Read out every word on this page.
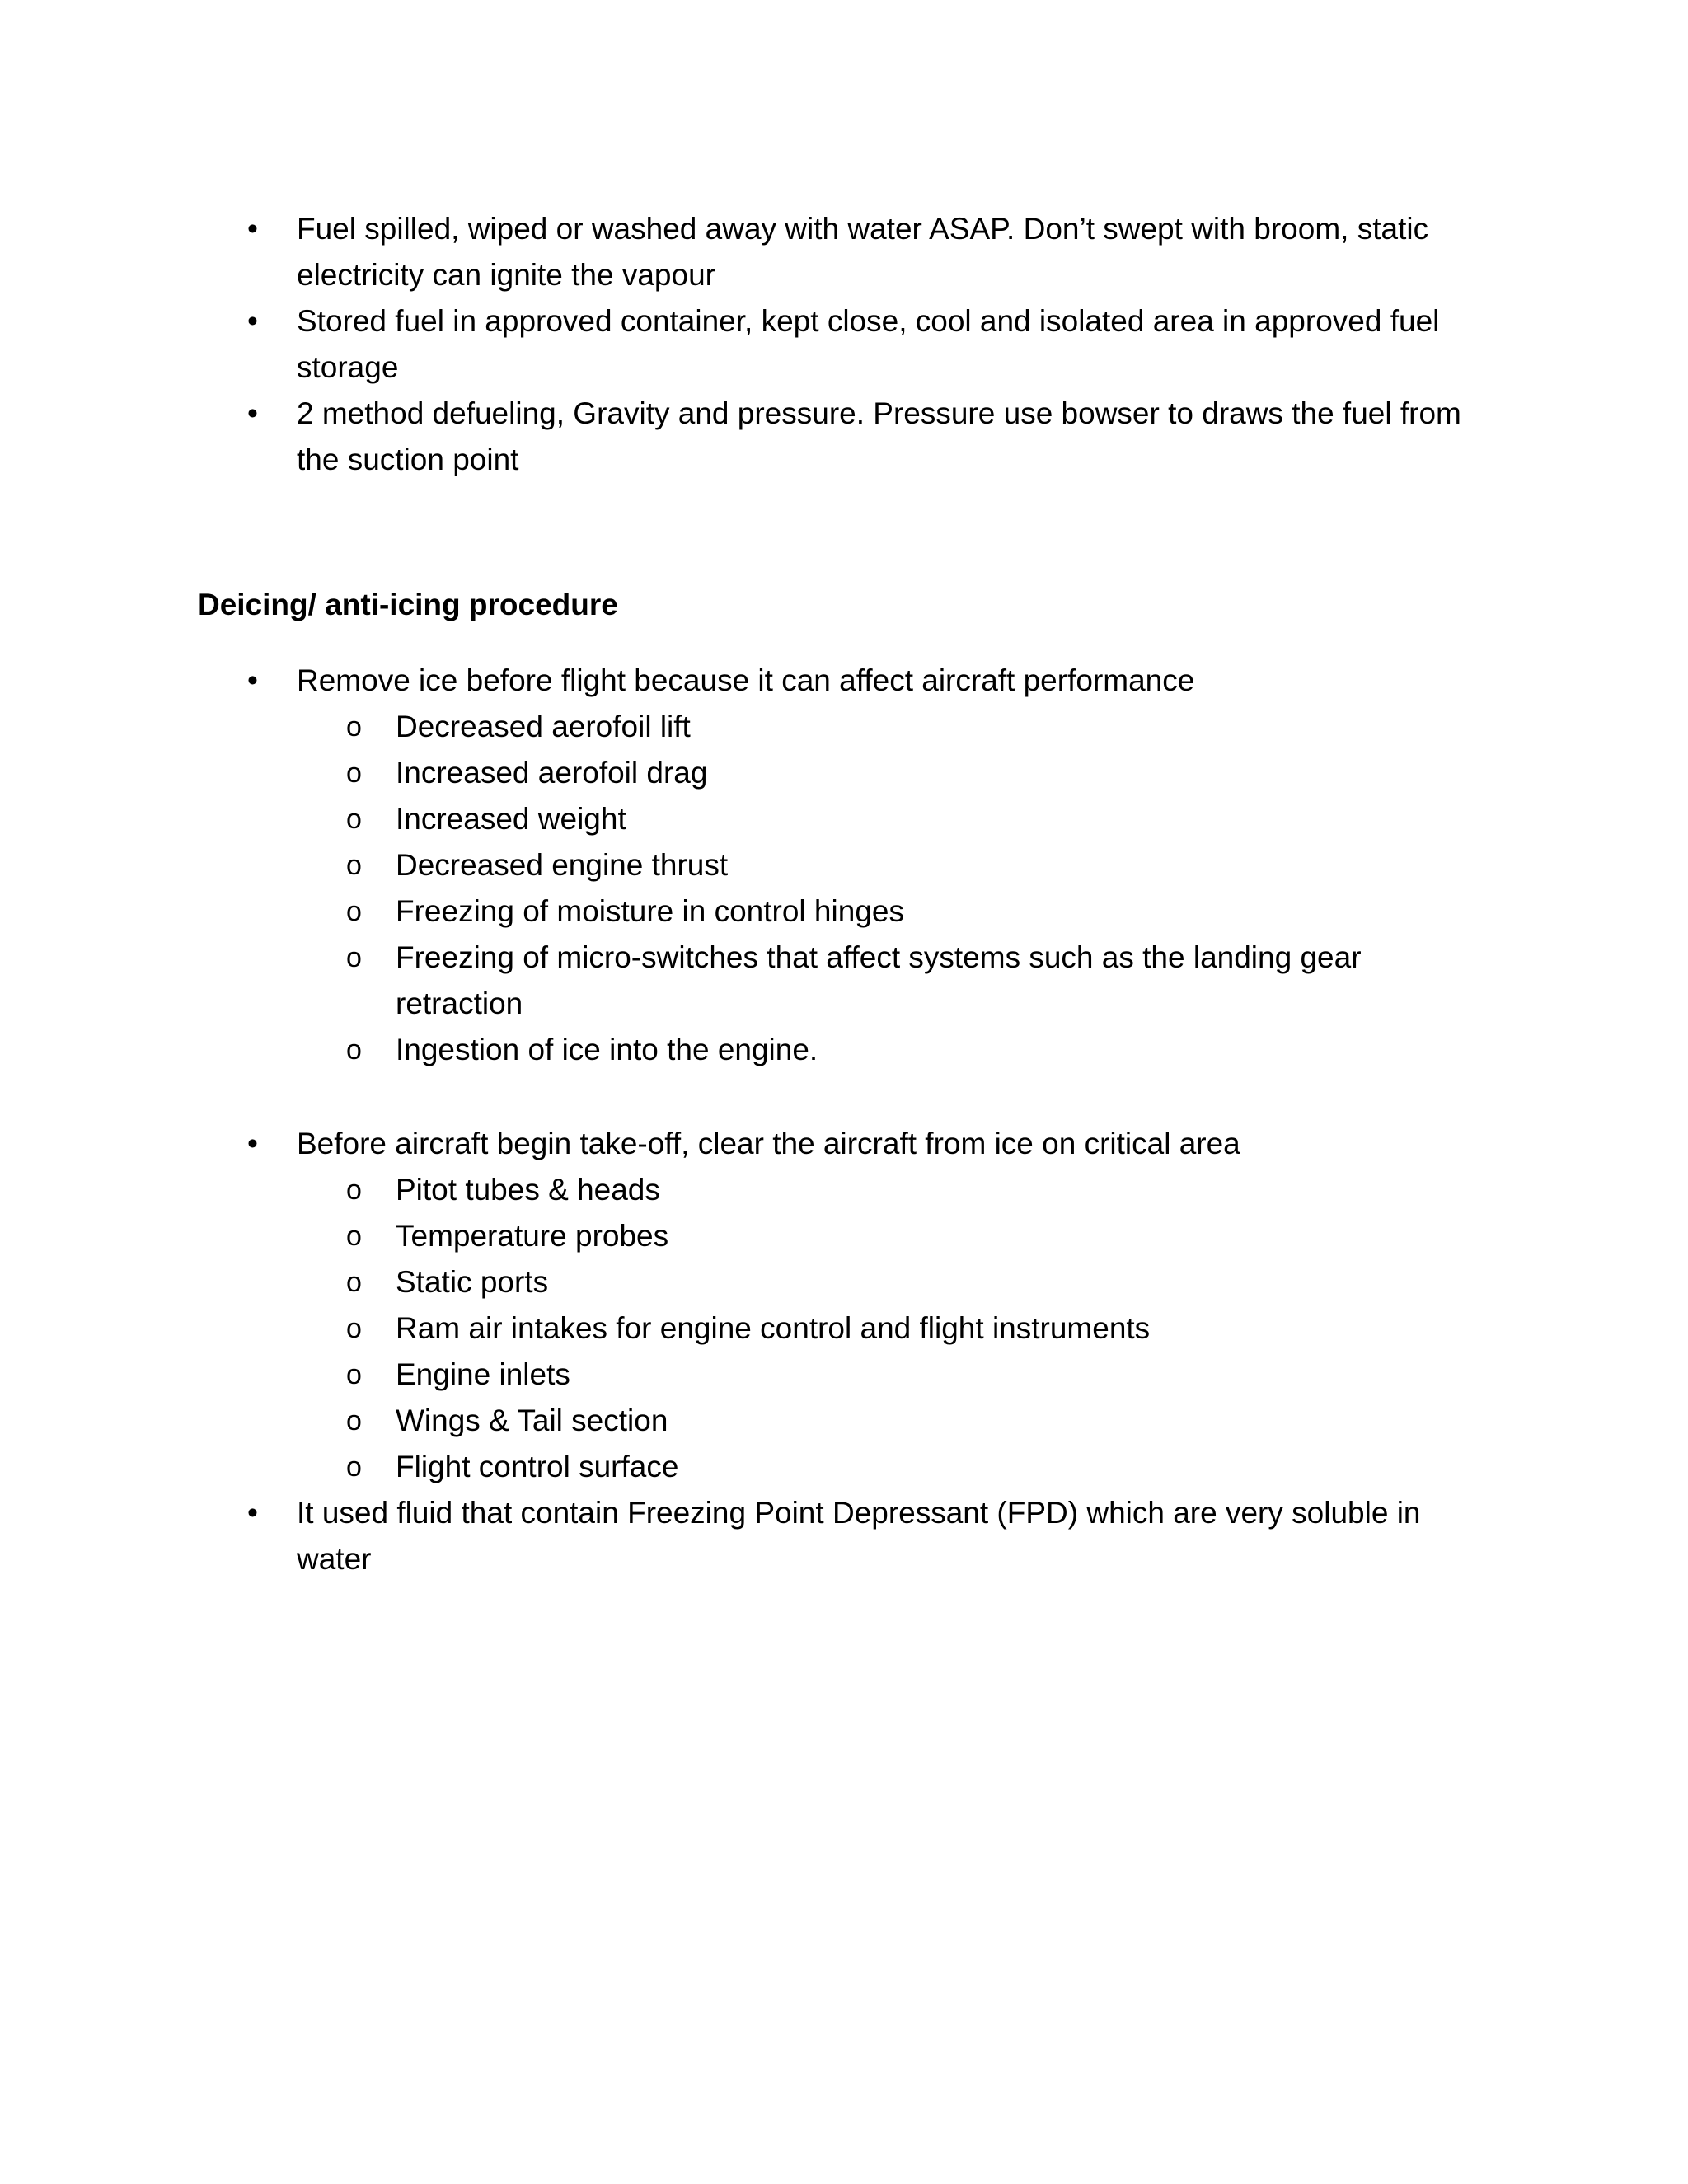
•	Fuel spilled, wiped or washed away with water ASAP. Don’t swept with broom, static electricity can ignite the vapour
•	Stored fuel in approved container, kept close, cool and isolated area in approved fuel storage
•	2 method defueling, Gravity and pressure. Pressure use bowser to draws the fuel from the suction point
Deicing/ anti-icing procedure
•	Remove ice before flight because it can affect aircraft performance
o Decreased aerofoil lift
o Increased aerofoil drag
o Increased weight
o Decreased engine thrust
o Freezing of moisture in control hinges
o Freezing of micro-switches that affect systems such as the landing gear retraction
o Ingestion of ice into the engine.
•	Before aircraft begin take-off, clear the aircraft from ice on critical area
o Pitot tubes & heads
o Temperature probes
o Static ports
o Ram air intakes for engine control and flight instruments
o Engine inlets
o Wings & Tail section
o Flight control surface
•	It used fluid that contain Freezing Point Depressant (FPD) which are very soluble in water
